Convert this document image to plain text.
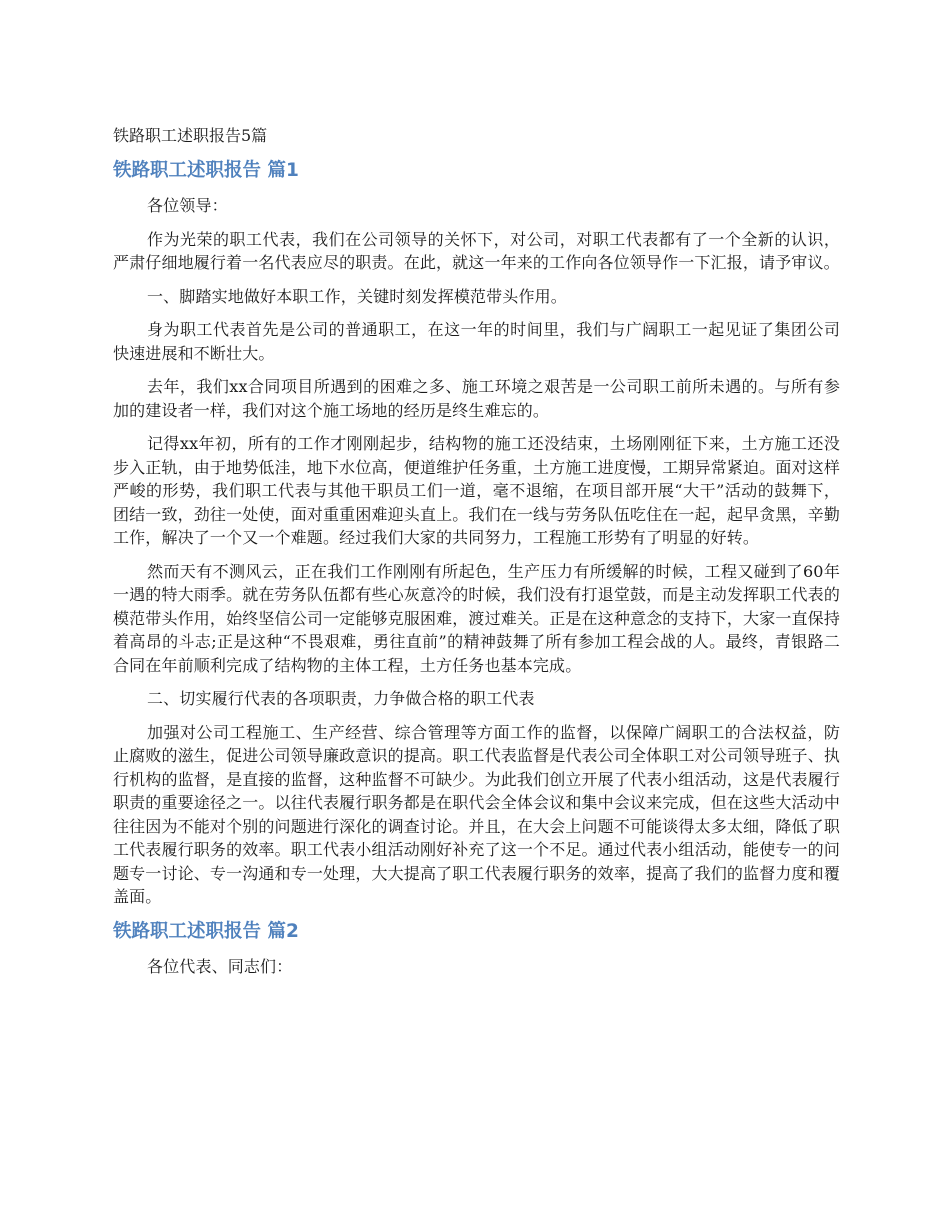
铁路职工述职报告5篇
铁路职工述职报告 篇1

各位领导：

作为光荣的职工代表，我们在公司领导的关怀下，对公司，对职工代表都有了一个全新的认识，严肃仔细地履行着一名代表应尽的职责。在此，就这一年来的工作向各位领导作一下汇报，请予审议。

一、脚踏实地做好本职工作，关键时刻发挥模范带头作用。

身为职工代表首先是公司的普通职工，在这一年的时间里，我们与广阔职工一起见证了集团公司快速进展和不断壮大。

去年，我们xx合同项目所遇到的困难之多、施工环境之艰苦是一公司职工前所未遇的。与所有参加的建设者一样，我们对这个施工场地的经历是终生难忘的。

记得xx年初，所有的工作才刚刚起步，结构物的施工还没结束，土场刚刚征下来，土方施工还没步入正轨，由于地势低洼，地下水位高，便道维护任务重，土方施工进度慢，工期异常紧迫。面对这样严峻的形势，我们职工代表与其他干职员工们一道，毫不退缩，在项目部开展“大干”活动的鼓舞下，团结一致，劲往一处使，面对重重困难迎头直上。我们在一线与劳务队伍吃住在一起，起早贪黑，辛勤工作，解决了一个又一个难题。经过我们大家的共同努力，工程施工形势有了明显的好转。

然而天有不测风云，正在我们工作刚刚有所起色，生产压力有所缓解的时候，工程又碰到了60年一遇的特大雨季。就在劳务队伍都有些心灰意冷的时候，我们没有打退堂鼓，而是主动发挥职工代表的模范带头作用，始终坚信公司一定能够克服困难，渡过难关。正是在这种意念的支持下，大家一直保持着高昂的斗志;正是这种“不畏艰难，勇往直前”的精神鼓舞了所有参加工程会战的人。最终，青银路二合同在年前顺利完成了结构物的主体工程，土方任务也基本完成。

二、切实履行代表的各项职责，力争做合格的职工代表

加强对公司工程施工、生产经营、综合管理等方面工作的监督，以保障广阔职工的合法权益，防止腐败的滋生，促进公司领导廉政意识的提高。职工代表监督是代表公司全体职工对公司领导班子、执行机构的监督，是直接的监督，这种监督不可缺少。为此我们创立开展了代表小组活动，这是代表履行职责的重要途径之一。以往代表履行职务都是在职代会全体会议和集中会议来完成，但在这些大活动中往往因为不能对个别的问题进行深化的调查讨论。并且，在大会上问题不可能谈得太多太细，降低了职工代表履行职务的效率。职工代表小组活动刚好补充了这一个不足。通过代表小组活动，能使专一的问题专一讨论、专一沟通和专一处理，大大提高了职工代表履行职务的效率，提高了我们的监督力度和覆盖面。

铁路职工述职报告 篇2

各位代表、同志们：
